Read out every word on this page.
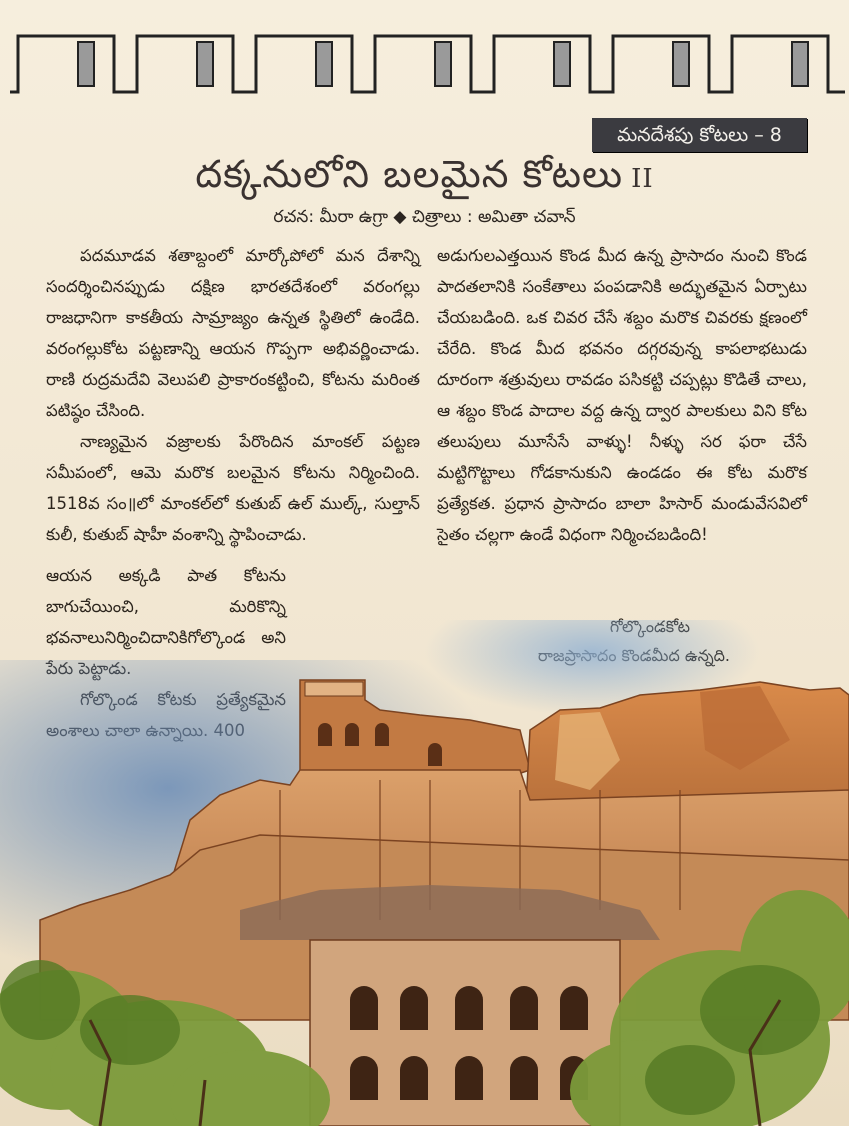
మనదేశపు కోటలు – 8
దక్కనులోని బలమైన కోటలు II
రచన: మీరా ఉగ్రా ◆ చిత్రాలు : అమితా చవాన్

పదమూడవ శతాబ్దంలో మార్కోపోలో మన దేశాన్ని సందర్శించినప్పుడు దక్షిణ భారతదేశంలో వరంగల్లు రాజధానిగా కాకతీయ సామ్రాజ్యం ఉన్నత స్థితిలో ఉండేది. వరంగల్లుకోట పట్టణాన్ని ఆయన గొప్పగా అభివర్ణించాడు. రాణి రుద్రమదేవి వెలుపలి ప్రాకారంకట్టించి, కోటను మరింత పటిష్ఠం చేసింది.

నాణ్యమైన వజ్రాలకు పేరొందిన మాంకల్ పట్టణ సమీపంలో, ఆమె మరొక బలమైన కోటను నిర్మించింది. 1518వ సం॥లో మాంకల్‌లో కుతుబ్ ఉల్ ముల్క్, సుల్తాన్ కులీ, కుతుబ్ షాహీ వంశాన్ని స్థాపించాడు.

ఆయన అక్కడి పాత కోటను బాగుచేయించి, మరికొన్ని భవనాలునిర్మించిదానికిగోల్కొండ అని

అడుగులఎత్తయిన కొండ మీద ఉన్న ప్రాసాదం నుంచి కొండ పాదతలానికి సంకేతాలు పంపడానికి అద్భుతమైన ఏర్పాటు చేయబడింది. ఒక చివర చేసే శబ్దం మరొక చివరకు క్షణంలో చేరేది. కొండ మీద భవనం దగ్గరవున్న కాపలాభటుడు దూరంగా శత్రువులు రావడం పసికట్టి చప్పట్లు కొడితే చాలు, ఆ శబ్దం కొండ పాదాల వద్ద ఉన్న ద్వార పాలకులు విని కోట తలుపులు మూసేసే వాళ్ళు! నీళ్ళు సర ఫరా చేసే మట్టిగొట్టాలు గోడకానుకుని ఉండడం ఈ కోట మరొక ప్రత్యేకత. ప్రధాన ప్రాసాదం బాలా హిసార్ మండువేసవిలో సైతం చల్లగా ఉండే విధంగా నిర్మించబడింది!
